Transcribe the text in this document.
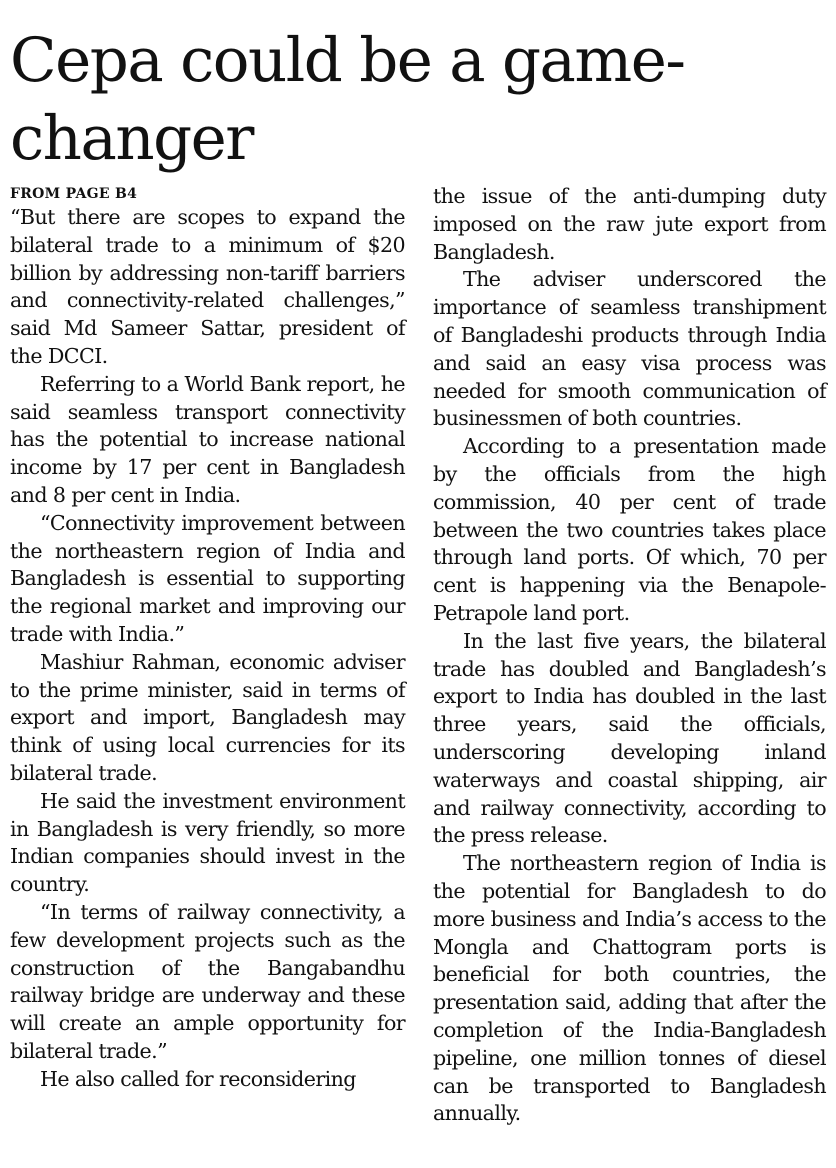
Cepa could be a game-changer
FROM PAGE B4

“But there are scopes to expand the bilateral trade to a minimum of $20 billion by addressing non-tariff barriers and connectivity-related challenges,” said Md Sameer Sattar, president of the DCCI.

Referring to a World Bank report, he said seamless transport connectivity has the potential to increase national income by 17 per cent in Bangladesh and 8 per cent in India.

“Connectivity improvement between the northeastern region of India and Bangladesh is essential to supporting the regional market and improving our trade with India.”

Mashiur Rahman, economic adviser to the prime minister, said in terms of export and import, Bangladesh may think of using local currencies for its bilateral trade.

He said the investment environment in Bangladesh is very friendly, so more Indian companies should invest in the country.

“In terms of railway connectivity, a few development projects such as the construction of the Bangabandhu railway bridge are underway and these will create an ample opportunity for bilateral trade.”

He also called for reconsidering

the issue of the anti-dumping duty imposed on the raw jute export from Bangladesh.

The adviser underscored the importance of seamless transhipment of Bangladeshi products through India and said an easy visa process was needed for smooth communication of businessmen of both countries.

According to a presentation made by the officials from the high commission, 40 per cent of trade between the two countries takes place through land ports. Of which, 70 per cent is happening via the Benapole-Petrapole land port.

In the last five years, the bilateral trade has doubled and Bangladesh’s export to India has doubled in the last three years, said the officials, underscoring developing inland waterways and coastal shipping, air and railway connectivity, according to the press release.

The northeastern region of India is the potential for Bangladesh to do more business and India’s access to the Mongla and Chattogram ports is beneficial for both countries, the presentation said, adding that after the completion of the India-Bangladesh pipeline, one million tonnes of diesel can be transported to Bangladesh annually.
